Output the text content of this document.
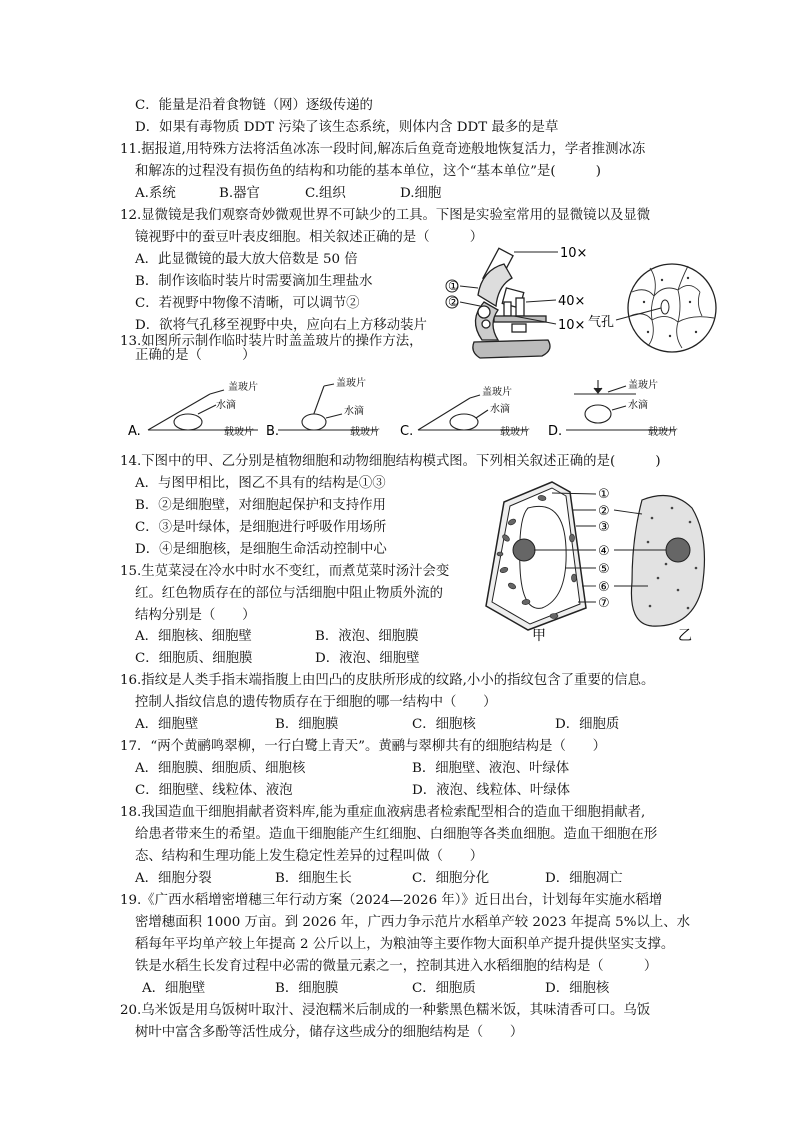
C．能量是沿着食物链（网）逐级传递的
D．如果有毒物质 DDT 污染了该生态系统，则体内含 DDT 最多的是草
11.据报道,用特殊方法将活鱼冰冻一段时间,解冻后鱼竟奇迹般地恢复活力，学者推测冰冻
和解冻的过程没有损伤鱼的结构和功能的基本单位，这个“基本单位”是(　　　)
A.系统	B.器官	C.组织	D.细胞
12.显微镜是我们观察奇妙微观世界不可缺少的工具。下图是实验室常用的显微镜以及显微
镜视野中的蚕豆叶表皮细胞。相关叙述正确的是（　　　）
A．此显微镜的最大放大倍数是 50 倍
B．制作该临时装片时需要滴加生理盐水
C．若视野中物像不清晰，可以调节②
D．欲将气孔移至视野中央，应向右上方移动装片
①
②
10×
40×
10× 气孔
13.如图所示制作临时装片时盖盖玻片的操作方法，
正确的是（　　　）
A.
盖玻片
水滴
载玻片 B.
盖玻片
水滴
载玻片 C.
盖玻片
水滴
载玻片 D.
盖玻片
水滴
载玻片
14.下图中的甲、乙分别是植物细胞和动物细胞结构模式图。下列相关叙述正确的是(　　　)
A．与图甲相比，图乙不具有的结构是①③
B．②是细胞壁，对细胞起保护和支持作用
C．③是叶绿体，是细胞进行呼吸作用场所
D．④是细胞核，是细胞生命活动控制中心
①
②
③
④
⑤
⑥
⑦
甲	乙
15.生苋菜浸在冷水中时水不变红，而煮苋菜时汤汁会变
红。红色物质存在的部位与活细胞中阻止物质外流的
结构分别是（　　）
A．细胞核、细胞壁	B．液泡、细胞膜
C．细胞质、细胞膜	D．液泡、细胞壁
16.指纹是人类手指末端指腹上由凹凸的皮肤所形成的纹路,小小的指纹包含了重要的信息。
控制人指纹信息的遗传物质存在于细胞的哪一结构中（　　）
A．细胞壁	B．细胞膜	C．细胞核	D．细胞质
17．“两个黄鹂鸣翠柳，一行白鹭上青天”。黄鹂与翠柳共有的细胞结构是（　　）
A．细胞膜、细胞质、细胞核	B．细胞壁、液泡、叶绿体
C．细胞壁、线粒体、液泡	D．液泡、线粒体、叶绿体
18.我国造血干细胞捐献者资料库,能为重症血液病患者检索配型相合的造血干细胞捐献者,
给患者带来生的希望。造血干细胞能产生红细胞、白细胞等各类血细胞。造血干细胞在形
态、结构和生理功能上发生稳定性差异的过程叫做（　　）
A．细胞分裂	B．细胞生长	C．细胞分化	D．细胞凋亡
19.《广西水稻增密增穗三年行动方案（2024—2026 年）》近日出台，计划每年实施水稻增
密增穗面积 1000 万亩。到 2026 年，广西力争示范片水稻单产较 2023 年提高 5%以上、水
稻每年平均单产较上年提高 2 公斤以上，为粮油等主要作物大面积单产提升提供坚实支撑。
铁是水稻生长发育过程中必需的微量元素之一，控制其进入水稻细胞的结构是（　　　）
A．细胞壁	B．细胞膜	C．细胞质	D．细胞核
20.乌米饭是用乌饭树叶取汁、浸泡糯米后制成的一种紫黑色糯米饭，其味清香可口。乌饭
树叶中富含多酚等活性成分，储存这些成分的细胞结构是（　　）
